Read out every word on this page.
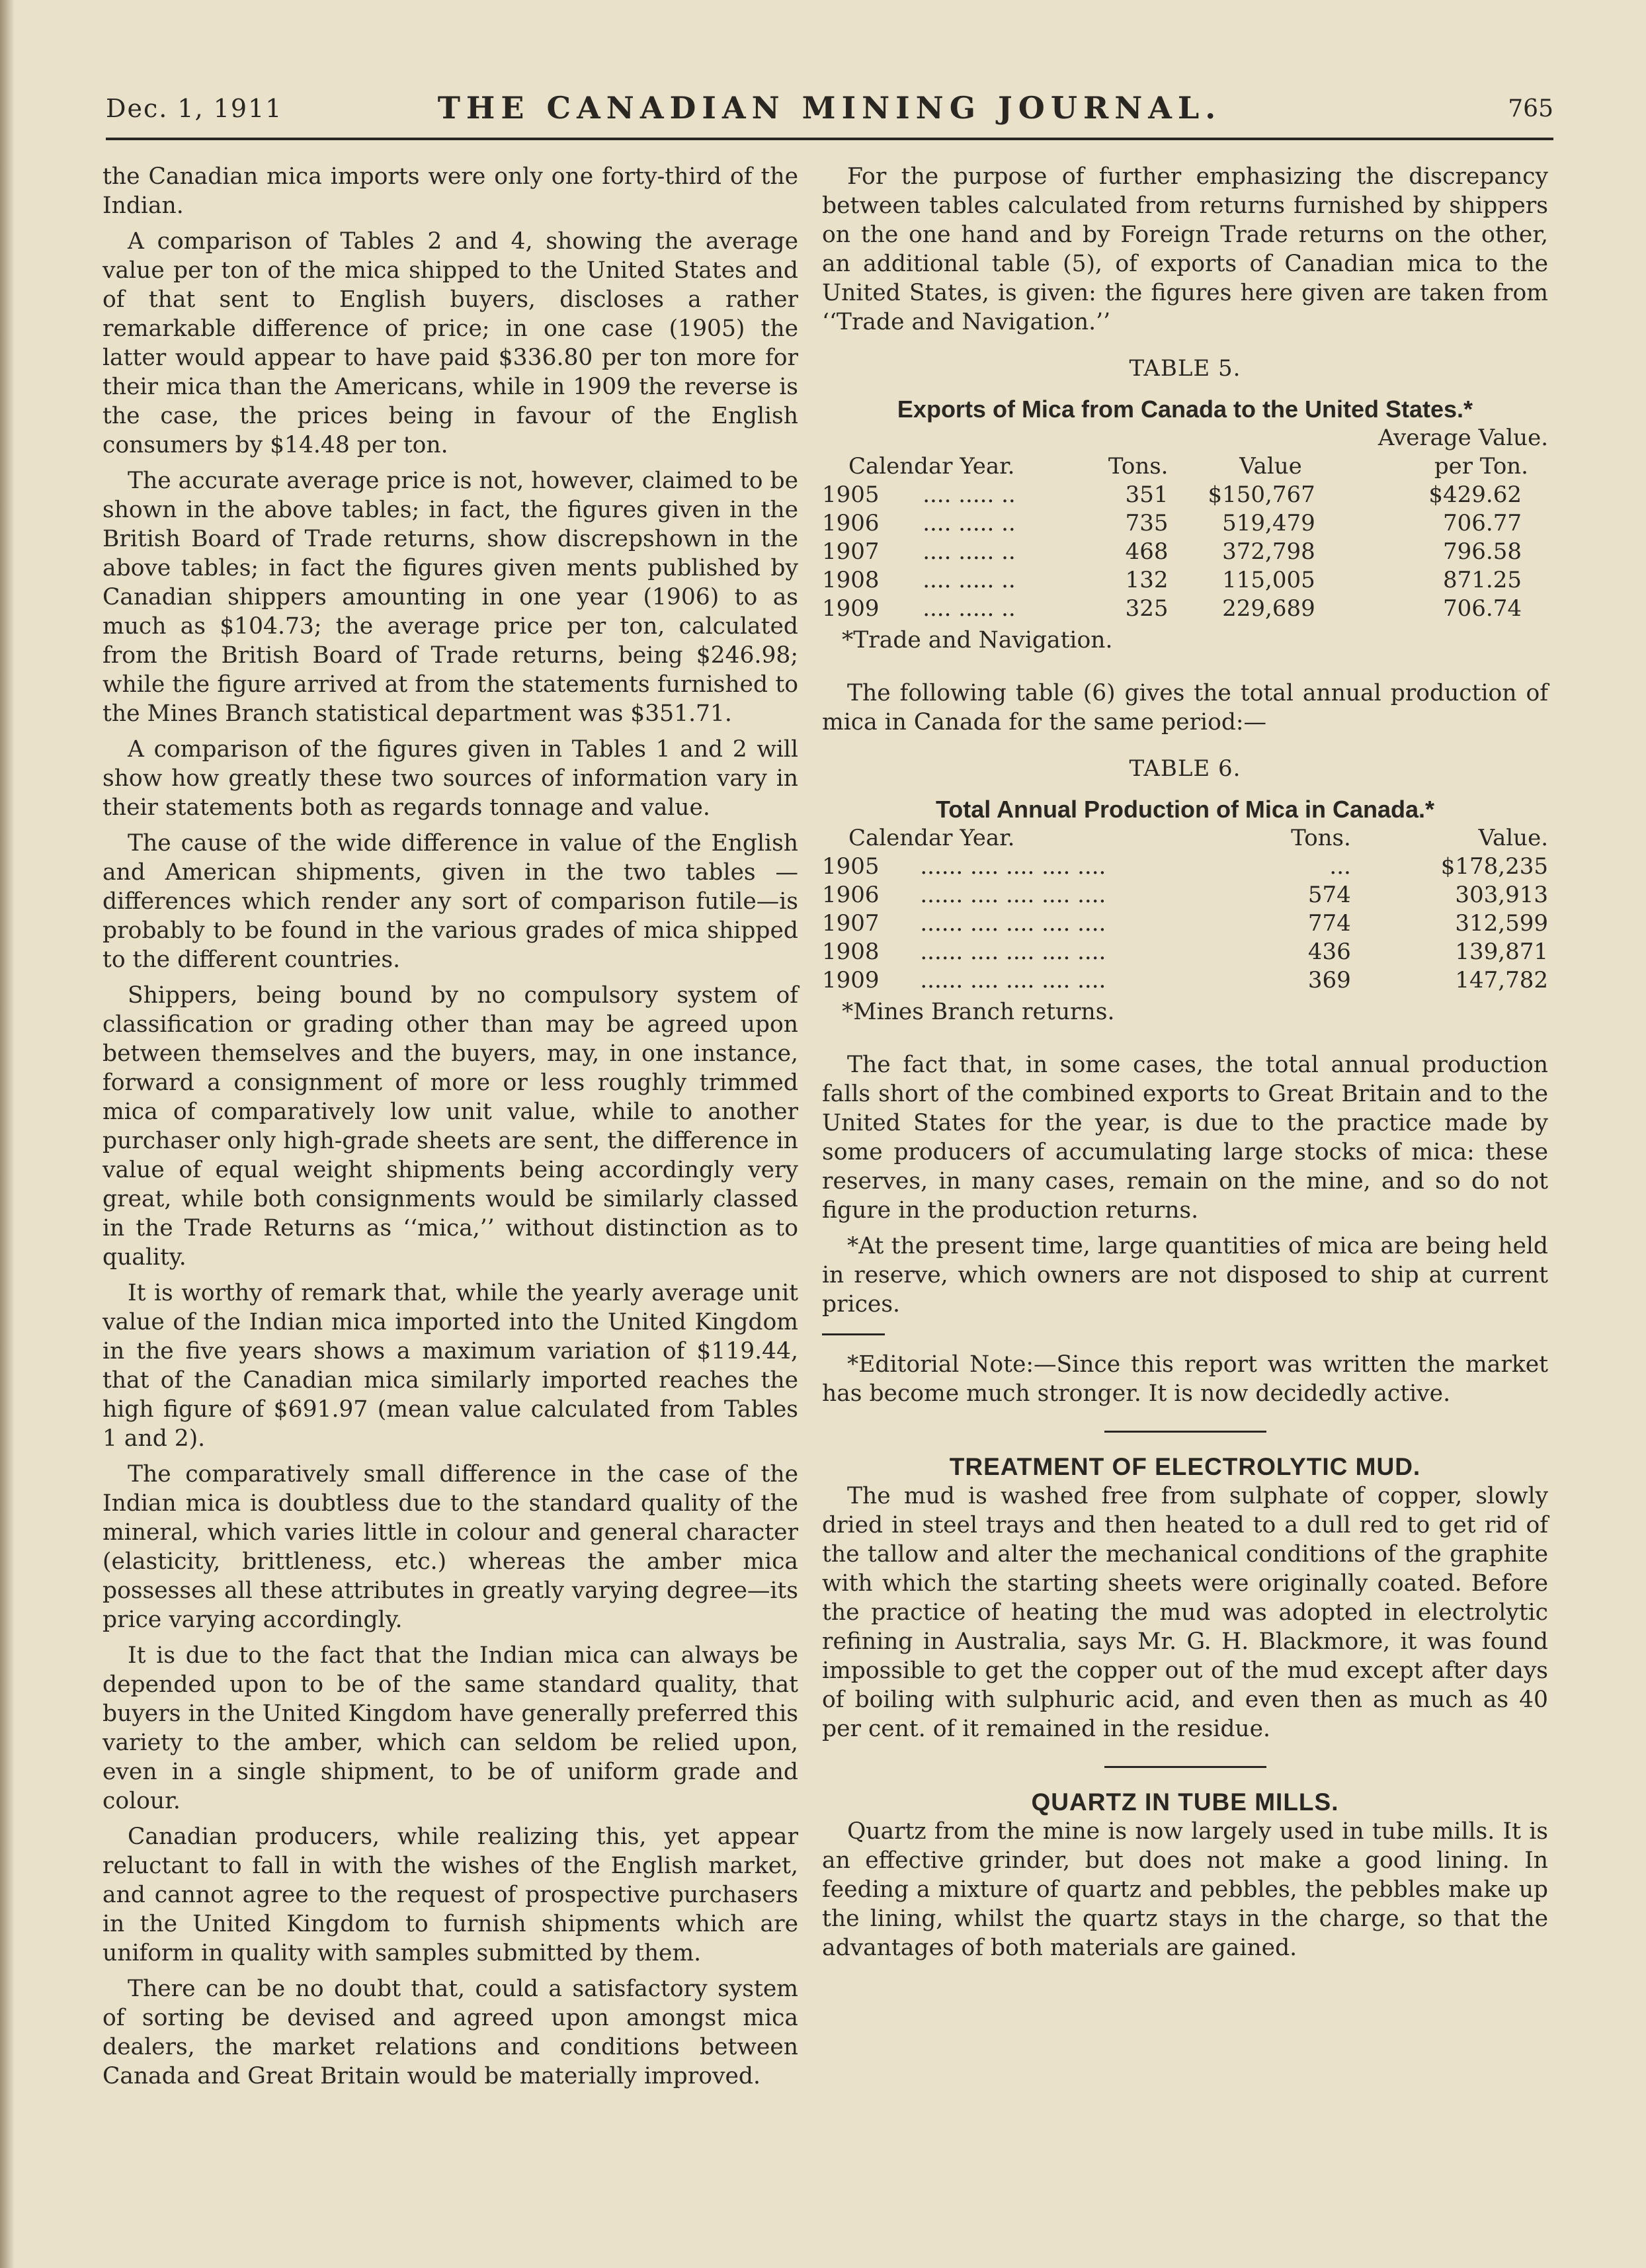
Dec. 1, 1911	THE CANADIAN MINING JOURNAL.	765

the Canadian mica imports were only one forty-third of the Indian.

A comparison of Tables 2 and 4, showing the average value per ton of the mica shipped to the United States and of that sent to English buyers, discloses a rather remarkable difference of price; in one case (1905) the latter would appear to have paid $336.80 per ton more for their mica than the Americans, while in 1909 the reverse is the case, the prices being in favour of the English consumers by $14.48 per ton.

The accurate average price is not, however, claimed to be shown in the above tables; in fact, the figures given in the British Board of Trade returns, show discrepshown in the above tables; in fact the figures given ments published by Canadian shippers amounting in one year (1906) to as much as $104.73; the average price per ton, calculated from the British Board of Trade returns, being $246.98; while the figure arrived at from the statements furnished to the Mines Branch statistical department was $351.71.

A comparison of the figures given in Tables 1 and 2 will show how greatly these two sources of information vary in their statements both as regards tonnage and value.

The cause of the wide difference in value of the English and American shipments, given in the two tables —differences which render any sort of comparison futile—is probably to be found in the various grades of mica shipped to the different countries.

Shippers, being bound by no compulsory system of classification or grading other than may be agreed upon between themselves and the buyers, may, in one instance, forward a consignment of more or less roughly trimmed mica of comparatively low unit value, while to another purchaser only high-grade sheets are sent, the difference in value of equal weight shipments being accordingly very great, while both consignments would be similarly classed in the Trade Returns as ‘‘mica,’’ without distinction as to quality.

It is worthy of remark that, while the yearly average unit value of the Indian mica imported into the United Kingdom in the five years shows a maximum variation of $119.44, that of the Canadian mica similarly imported reaches the high figure of $691.97 (mean value calculated from Tables 1 and 2).

The comparatively small difference in the case of the Indian mica is doubtless due to the standard quality of the mineral, which varies little in colour and general character (elasticity, brittleness, etc.) whereas the amber mica possesses all these attributes in greatly varying degree—its price varying accordingly.

It is due to the fact that the Indian mica can always be depended upon to be of the same standard quality, that buyers in the United Kingdom have generally preferred this variety to the amber, which can seldom be relied upon, even in a single shipment, to be of uniform grade and colour.

Canadian producers, while realizing this, yet appear reluctant to fall in with the wishes of the English market, and cannot agree to the request of prospective purchasers in the United Kingdom to furnish shipments which are uniform in quality with samples submitted by them.

There can be no doubt that, could a satisfactory system of sorting be devised and agreed upon amongst mica dealers, the market relations and conditions between Canada and Great Britain would be materially improved.

For the purpose of further emphasizing the discrepancy between tables calculated from returns furnished by shippers on the one hand and by Foreign Trade returns on the other, an additional table (5), of exports of Canadian mica to the United States, is given: the figures here given are taken from ‘‘Trade and Navigation.’’

TABLE 5.
Exports of Mica from Canada to the United States.*
				Average Value.
Calendar Year.		Tons.	Value	per Ton.
1905	.... ..... ..	351	$150,767	$429.62
1906	.... ..... ..	735	519,479	706.77
1907	.... ..... ..	468	372,798	796.58
1908	.... ..... ..	132	115,005	871.25
1909	.... ..... ..	325	229,689	706.74
*Trade and Navigation.

The following table (6) gives the total annual production of mica in Canada for the same period:—

TABLE 6.
Total Annual Production of Mica in Canada.*
Calendar Year.		Tons.	Value.
1905	...... .... .... .... ....	...	$178,235
1906	...... .... .... .... ....	574	303,913
1907	...... .... .... .... ....	774	312,599
1908	...... .... .... .... ....	436	139,871
1909	...... .... .... .... ....	369	147,782
*Mines Branch returns.

The fact that, in some cases, the total annual production falls short of the combined exports to Great Britain and to the United States for the year, is due to the practice made by some producers of accumulating large stocks of mica: these reserves, in many cases, remain on the mine, and so do not figure in the production returns.

*At the present time, large quantities of mica are being held in reserve, which owners are not disposed to ship at current prices.

*Editorial Note:—Since this report was written the market has become much stronger. It is now decidedly active.

TREATMENT OF ELECTROLYTIC MUD.

The mud is washed free from sulphate of copper, slowly dried in steel trays and then heated to a dull red to get rid of the tallow and alter the mechanical conditions of the graphite with which the starting sheets were originally coated. Before the practice of heating the mud was adopted in electrolytic refining in Australia, says Mr. G. H. Blackmore, it was found impossible to get the copper out of the mud except after days of boiling with sulphuric acid, and even then as much as 40 per cent. of it remained in the residue.

QUARTZ IN TUBE MILLS.

Quartz from the mine is now largely used in tube mills. It is an effective grinder, but does not make a good lining. In feeding a mixture of quartz and pebbles, the pebbles make up the lining, whilst the quartz stays in the charge, so that the advantages of both materials are gained.
